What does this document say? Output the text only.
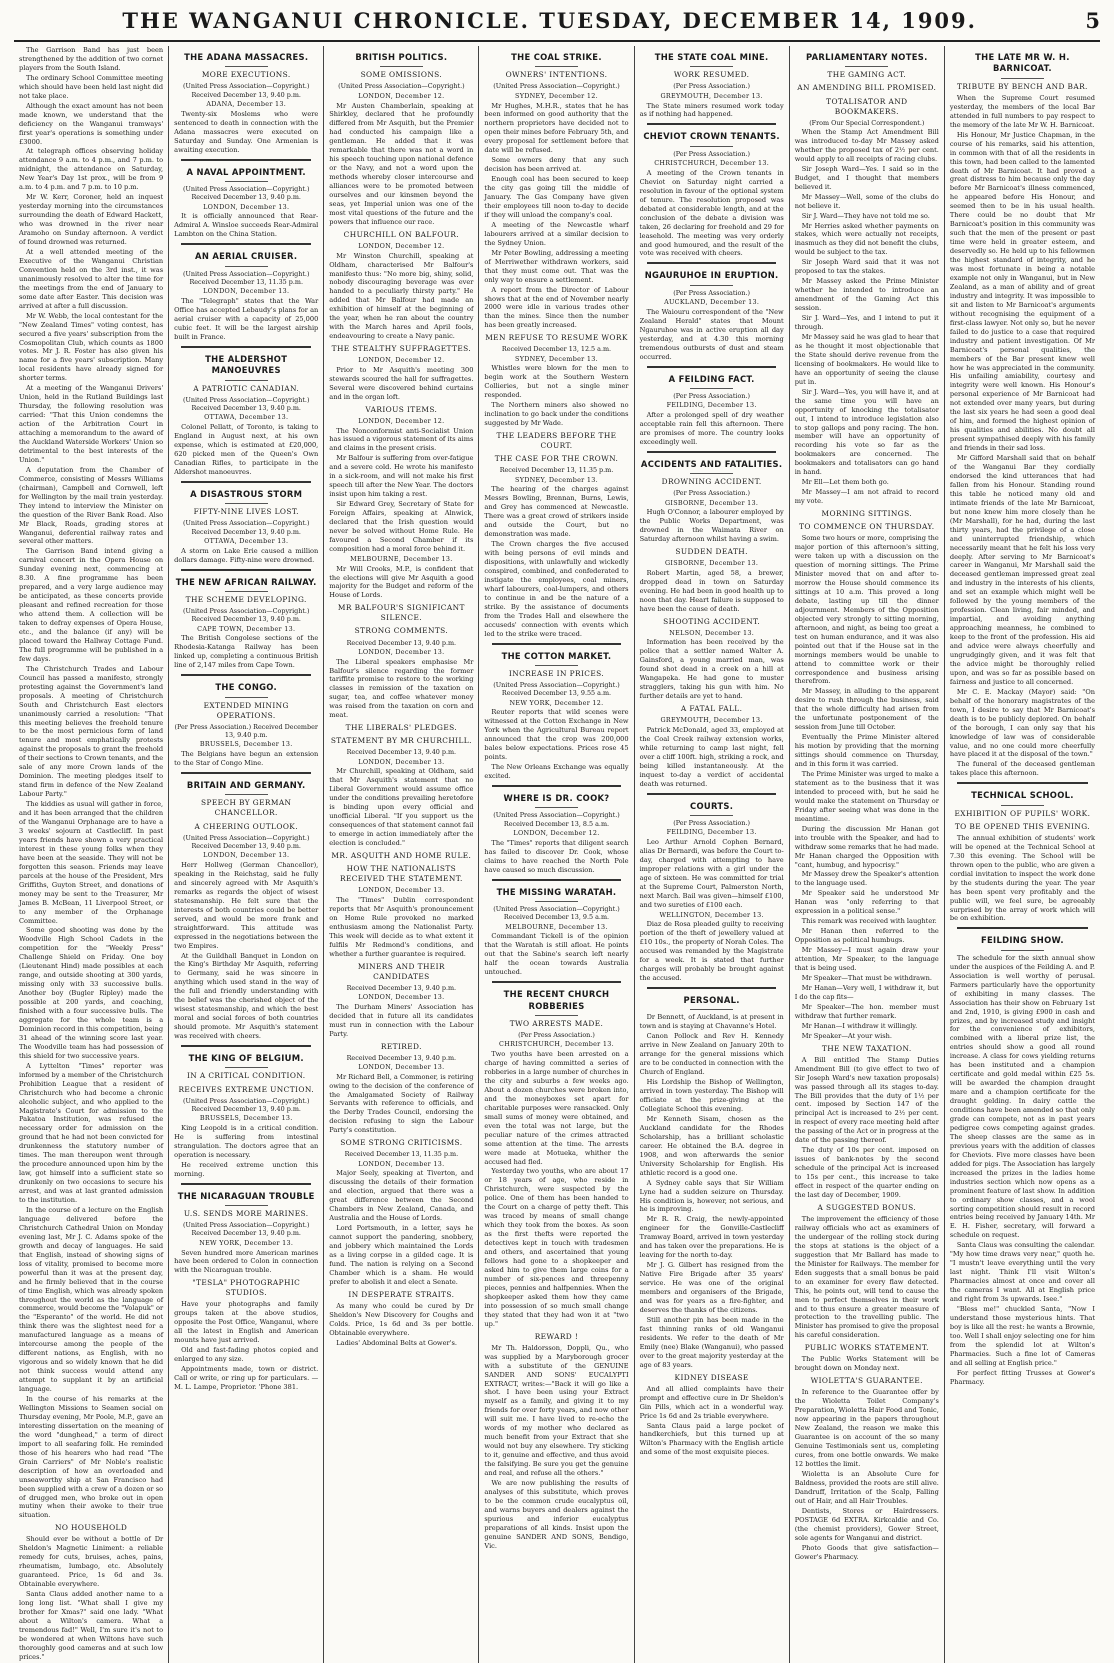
THE WANGANUI CHRONICLE. TUESDAY, DECEMBER 14, 1909.	5

The Garrison Band has just been strengthened by the addition of two cornet players from the South Island.

The ordinary School Committee meeting which should have been held last night did not take place.

Although the exact amount has not been made known, we understand that the deficiency on the Wanganui tramways' first year's operations is something under £3000.

At telegraph offices observing holiday attendance 9 a.m. to 4 p.m., and 7 p.m. to midnight, the attendance on Saturday, New Year's Day 1st prox., will be from 9 a.m. to 4 p.m. and 7 p.m. to 10 p.m.

Mr W. Kerr, Coroner, held an inquest yesterday morning into the circumstances surrounding the death of Edward Hackett, who was drowned in the river near Aramoho on Sunday afternoon. A verdict of found drowned was returned.

At a well attended meeting of the Executive of the Wanganui Christian Convention held on the 3rd inst., it was unanimously resolved to alter the time for the meetings from the end of January to some date after Easter. This decision was arrived at after a full discussion.

Mr W. Webb, the local contestant for the "New Zealand Times" voting contest, has secured a five years' subscription from the Cosmopolitan Club, which counts as 1800 votes. Mr J. R. Foster has also given his name for a five years' subscription. Many local residents have already signed for shorter terms.

At a meeting of the Wanganui Drivers' Union, held in the Rutland Buildings last Thursday, the following resolution was carried: "That this Union condemns the action of the Arbitration Court in attaching a memorandum to the award of the Auckland Waterside Workers' Union so detrimental to the best interests of the Union."

A deputation from the Chamber of Commerce, consisting of Messrs Williams (chairman), Campbell and Cornwell, left for Wellington by the mail train yesterday. They intend to interview the Minister on the question of the River Bank Road. Also Mr Black, Roads, grading stores at Wanganui, deferential railway rates and several other matters.

The Garrison Band intend giving a carnival concert in the Opera House on Sunday evening next, commencing at 8.30. A fine programme has been prepared, and a very large audience may be anticipated, as these concerts provide pleasant and refined recreation for those who attend them. A collection will be taken to defray expenses of Opera House, etc., and the balance (if any) will be placed toward the Hallway Cottage Fund. The full programme will be published in a few days.

The Christchurch Trades and Labour Council has passed a manifesto, strongly protesting against the Government's land proposals. A meeting of Christchurch South and Christchurch East electors unanimously carried a resolution: "That this meeting believes the freehold tenure to be the most pernicious form of land tenure and most emphatically protests against the proposals to grant the freehold of their sections to Crown tenants, and the sale of any more Crown lands of the Dominion. The meeting pledges itself to stand firm in defence of the New Zealand Labour Party."

The kiddies as usual will gather in force, and it has been arranged that the children of the Wanganui Orphanage are to have a 3 weeks' sojourn at Castlecliff. In past years friends have shown a very practical interest in these young folks when they have been at the seaside. They will not be forgotten this season. Friends may leave parcels at the house of the President, Mrs Griffiths, Guyton Street, and donations of money may be sent to the Treasurer, Mr James B. McBean, 11 Liverpool Street, or to any member of the Orphanage Committee.

Some good shooting was done by the Woodville High School Cadets in the competition for the "Weekly Press" Challenge Shield on Friday. One boy (Lieutenant Hind) made possibles at each range, and outside shooting at 300 yards, missing only with 33 successive bulls. Another boy (Bugler Ripley) made the possible at 200 yards, and coaching, finished with a four successive bulls. The aggregate for the whole team is a Dominion record in this competition, being 31 ahead of the winning score last year. The Woodville team has had possession of this shield for two successive years.

A Lyttelton "Times" reporter was informed by a member of the Christchurch Prohibition League that a resident of Christchurch who had become a chronic alcoholic subject, and who applied to the Magistrate's Court for admission to the Pakatoa Institution, was refused the necessary order for admission on the ground that he had not been convicted for drunkenness the statutory number of times. The man thereupon went through the procedure announced upon him by the law, got himself into a sufficient state so drunkenly on two occasions to secure his arrest, and was at last granted admission to the institution.

In the course of a lecture on the English language delivered before the Christchurch Cathedral Union on Monday evening last, Mr J. C. Adams spoke of the growth and decay of languages. He said that English, instead of showing signs of loss of vitality, promised to become more powerful than it was at the present day, and he firmly believed that in the course of time English, which was already spoken throughout the world as the language of commerce, would become the "Volapuk" or the "Esperanto" of the world. He did not think there was the slightest need for a manufactured language as a means of intercourse among the people of the different nations, as English, with no vigorous and so widely known that he did not think success would attend any attempt to supplant it by an artificial language.

In the course of his remarks at the Wellington Missions to Seamen social on Thursday evening, Mr Poole, M.P., gave an interesting dissertation on the meaning of the word "dunghead," a term of direct import to all seafaring folk. He reminded those of his hearers who had read "The Grain Carriers" of Mr Noble's realistic description of how an overloaded and unseaworthy ship at San Francisco had been supplied with a crew of a dozen or so of drugged men, who broke out in open mutiny when their awoke to their true situation.

NO HOUSEHOLD

Should ever be without a bottle of Dr Sheldon's Magnetic Liniment: a reliable remedy for cuts, bruises, aches, pains, rheumatism, lumbago, etc. Absolutely guaranteed. Price, 1s 6d and 3s. Obtainable everywhere.

Santa Claus added another name to a long long list. "What shall I give my brother for Xmas?" said one lady. "What about a Wilton's camera. What a tremendous fad!" Well, I'm sure it's not to be wondered at when Wiltons have such thoroughly good cameras and at such low prices."

THE ADANA MASSACRES.
MORE EXECUTIONS.
(United Press Association—Copyright.) Received December 13, 9.40 p.m.
ADANA, December 13.

Twenty-six Moslems who were sentenced to death in connection with the Adana massacres were executed on Saturday and Sunday. One Armenian is awaiting execution.

A NAVAL APPOINTMENT.
(United Press Association—Copyright.) Received December 13, 9.40 p.m.
LONDON, December 13.

It is officially announced that Rear-Admiral A. Winsloe succeeds Rear-Admiral Lambton on the China Station.

AN AERIAL CRUISER.
(United Press Association—Copyright.) Received December 13, 11.35 p.m.
LONDON, December 13.

The "Telegraph" states that the War Office has accepted Lebaudy's plans for an aerial cruiser with a capacity of 25,000 cubic feet. It will be the largest airship built in France.

THE ALDERSHOT MANOEUVRES
A PATRIOTIC CANADIAN.
(United Press Association—Copyright.) Received December 13, 9.40 p.m.
OTTAWA, December 13.

Colonel Pellatt, of Toronto, is taking to England in August next, at his own expense, which is estimated at £20,000, 620 picked men of the Queen's Own Canadian Rifles, to participate in the Aldershot manoeuvres.

A DISASTROUS STORM
FIFTY-NINE LIVES LOST.
(United Press Association—Copyright.) Received December 13, 9.40 p.m.
OTTAWA, December 13.

A storm on Lake Erie caused a million dollars damage. Fifty-nine were drowned.

THE NEW AFRICAN RAILWAY.
THE SCHEME DEVELOPING.
(United Press Association—Copyright.) Received December 13, 9.40 p.m.
CAPE TOWN, December 13.

The British Congolese sections of the Rhodesia-Katanga Railway has been linked up, completing a continuous British line of 2,147 miles from Cape Town.

THE CONGO.
EXTENDED MINING OPERATIONS.
(Per Press Association.) Received December 13, 9.40 p.m.
BRUSSELS, December 13.

The Belgians have begun an extension to the Star of Congo Mine.

BRITAIN AND GERMANY.
SPEECH BY GERMAN CHANCELLOR.
A CHEERING OUTLOOK.
(United Press Association—Copyright.) Received December 13, 9.40 p.m.
LONDON, December 13.

Herr Hollweg (German Chancellor), speaking in the Reichstag, said he fully and sincerely agreed with Mr Asquith's remarks as regards the object of wisest statesmanship. He felt sure that the interests of both countries could be better served, and would be more frank and straightforward. This attitude was expressed in the negotiations between the two Empires.

At the Guildhall Banquet in London on the King's Birthday Mr Asquith, referring to Germany, said he was sincere in anything which used stand in the way of the full and friendly understanding with the belief was the cherished object of the wisest statesmanship, and which the best moral and social forces of both countries should promote. Mr Asquith's statement was received with cheers.

THE KING OF BELGIUM.
IN A CRITICAL CONDITION.
RECEIVES EXTREME UNCTION.
(United Press Association—Copyright.) Received December 13, 9.40 p.m.
BRUSSELS, December 13.

King Leopold is in a critical condition. He is suffering from intestinal strangulation. The doctors agree that an operation is necessary.

He received extreme unction this morning.

THE NICARAGUAN TROUBLE
U.S. SENDS MORE MARINES.
(United Press Association—Copyright.) Received December 13, 9.40 p.m.
NEW YORK, December 13.

Seven hundred more American marines have been ordered to Colon in connection with the Nicaraguan trouble.

"TESLA" PHOTOGRAPHIC STUDIOS.

Have your photographs and family groups taken at the above studios, opposite the Post Office, Wanganui, where all the latest in English and American mounts have just arrived.

Old and fast-fading photos copied and enlarged to any size.

Appointments made, town or district. Call or write, or ring up for particulars. —M. L. Lampe, Proprietor. 'Phone 381.

BRITISH POLITICS.
SOME OMISSIONS.
(United Press Association—Copyright.)
LONDON, December 12.

Mr Austen Chamberlain, speaking at Shirkley, declared that he profoundly differed from Mr Asquith, but the Premier had conducted his campaign like a gentleman. He added that it was remarkable that there was not a word in his speech touching upon national defence or the Navy, and not a word upon the methods whereby closer intercourse and alliances were to be promoted between ourselves and our kinsmen beyond the seas, yet Imperial union was one of the most vital questions of the future and the powers that influence our race.

CHURCHILL ON BALFOUR.
LONDON, December 12.

Mr Winston Churchill, speaking at Oldham, characterised Mr Balfour's manifesto thus: "No more big, shiny, solid, nobody discouraging beverage was ever handed to a peculiarly thirsty party." He added that Mr Balfour had made an exhibition of himself at the beginning of the year, when he ran about the country with the March hares and April fools, endeavouring to create a Navy panic.

THE STEALTHY SUFFRAGETTES.
LONDON, December 12.

Prior to Mr Asquith's meeting 300 stewards scoured the hall for suffragettes. Several were discovered behind curtains and in the organ loft.

VARIOUS ITEMS.
LONDON, December 12.

The Nonconformist anti-Socialist Union has issued a vigorous statement of its aims and claims in the present crisis.

Mr Balfour is suffering from over-fatigue and a severe cold. He wrote his manifesto in a sick-room, and will not make his first speech till after the New Year. The doctors insist upon him taking a rest.

Sir Edward Grey, Secretary of State for Foreign Affairs, speaking at Alnwick, declared that the Irish question would never be solved without Home Rule. He favoured a Second Chamber if its composition had a moral force behind it.

MELBOURNE, December 13.

Mr Will Crooks, M.P., is confident that the elections will give Mr Asquith a good majority for the Budget and reform of the House of Lords.

MR BALFOUR'S SIGNIFICANT SILENCE.
STRONG COMMENTS.
Received December 13, 9.40 p.m.
LONDON, December 13.

The Liberal speakers emphasise Mr Balfour's silence regarding the former tariffite promise to restore to the working classes in remission of the taxation on sugar, tea, and coffee whatever money was raised from the taxation on corn and meat.

THE LIBERALS' PLEDGES.
STATEMENT BY MR CHURCHILL.
Received December 13, 9.40 p.m.
LONDON, December 13.

Mr Churchill, speaking at Oldham, said that Mr Asquith's statement that no Liberal Government would assume office under the conditions prevailing heretofore is binding upon every official and unofficial Liberal. "If you support us the consequences of that statement cannot fail to emerge in action immediately after the election is concluded."

MR. ASQUITH AND HOME RULE.
HOW THE NATIONALISTS RECEIVED THE STATEMENT.
LONDON, December 13.

The "Times" Dublin correspondent reports that Mr Asquith's pronouncement on Home Rule provoked no marked enthusiasm among the Nationalist Party. This week will decide as to what extent it fulfils Mr Redmond's conditions, and whether a further guarantee is required.

MINERS AND THEIR CANDIDATES
Received December 13, 9.40 p.m.
LONDON, December 13.

The Durham Miners' Association has decided that in future all its candidates must run in connection with the Labour Party.

RETIRED.
Received December 13, 9.40 p.m.
LONDON, December 13.

Mr Richard Bell, a Commoner, is retiring owing to the decision of the conference of the Amalgamated Society of Railway Servants with reference to officials, and the Derby Trades Council, endorsing the decision refusing to sign the Labour Party's constitution.

SOME STRONG CRITICISMS.
Received December 13, 11.35 p.m.
LONDON, December 13.

Major Seely, speaking at Tiverton, and discussing the details of their formation and election, argued that there was a great difference between the Second Chambers in New Zealand, Canada, and Australia and the House of Lords.

Lord Portsmouth, in a letter, says he cannot support the pandering, snobbery, and jobbery which maintained the Lords as a living corpse in a gilded cage. It is fund. The nation is relying on a Second Chamber which is a sham. He would prefer to abolish it and elect a Senate.

IN DESPERATE STRAITS.

As many who could be cured by Dr Sheldon's New Discovery for Coughs and Colds. Price, 1s 6d and 3s per bottle. Obtainable everywhere.

Ladies' Abdominal Belts at Gower's.

THE COAL STRIKE.
OWNERS' INTENTIONS.
(United Press Association—Copyright.)
SYDNEY, December 12.

Mr Hughes, M.H.R., states that he has been informed on good authority that the northern proprietors have decided not to open their mines before February 5th, and every proposal for settlement before that date will be refused.

Some owners deny that any such decision has been arrived at.

Enough coal has been secured to keep the city gas going till the middle of January. The Gas Company have given their employees till noon to-day to decide if they will unload the company's coal.

A meeting of the Newcastle wharf labourers arrived at a similar decision to the Sydney Union.

Mr Peter Bowling, addressing a meeting of Merriwether withdrawn workers, said that they must come out. That was the only way to ensure a settlement.

A report from the Director of Labour shows that at the end of November nearly 2000 were idle in various trades other than the mines. Since then the number has been greatly increased.

MEN REFUSE TO RESUME WORK
Received December 13, 12.5 a.m.
SYDNEY, December 13.

Whistles were blown for the men to begin work at the Southern Western Collieries, but not a single miner responded.

The Northern miners also showed no inclination to go back under the conditions suggested by Mr Wade.

THE LEADERS BEFORE THE COURT.
THE CASE FOR THE CROWN.
Received December 13, 11.35 p.m.
SYDNEY, December 13.

The hearing of the charges against Messrs Bowling, Brennan, Burns, Lewis, and Grey has commenced at Newcastle. There was a great crowd of strikers inside and outside the Court, but no demonstration was made.

The Crown charges the five accused with being persons of evil minds and dispositions, with unlawfully and wickedly conspired, combined, and confederated to instigate the employees, coal miners, wharf labourers, coal-lumpers, and others to continue in and be the nature of a strike. By the assistance of documents from the Trades Hall and elsewhere the accuseds' connection with events which led to the strike were traced.

THE COTTON MARKET.
INCREASE IN PRICES.
(United Press Association—Copyright.) Received December 13, 9.55 a.m.
NEW YORK, December 12.

Reuter reports that wild scenes were witnessed at the Cotton Exchange in New York when the Agricultural Bureau report announced that the crop was 200,000 bales below expectations. Prices rose 45 points.

The New Orleans Exchange was equally excited.

WHERE IS DR. COOK?
(United Press Association—Copyright.) Received December 13, 8.5 a.m.
LONDON, December 12.

The "Times" reports that diligent search has failed to discover Dr. Cook, whose claims to have reached the North Pole have caused so much discussion.

THE MISSING WARATAH.
(United Press Association—Copyright.) Received December 13, 9.5 a.m.
MELBOURNE, December 13.

Commandant Tickell is of the opinion that the Waratah is still afloat. He points out that the Sabine's search left nearly half the ocean towards Australia untouched.

THE RECENT CHURCH ROBBERIES
TWO ARRESTS MADE.
(Per Press Association.)
CHRISTCHURCH, December 13.

Two youths have been arrested on a charge of having committed a series of robberies in a large number of churches in the city and suburbs a few weeks ago. About a dozen churches were broken into, and the moneyboxes set apart for charitable purposes were ransacked. Only small sums of money were obtained, and even the total was not large, but the peculiar nature of the crimes attracted some attention at the time. The arrests were made at Motueka, whither the accused had fled.

Yesterday two youths, who are about 17 or 18 years of age, who reside in Christchurch, were suspected by the police. One of them has been handed to the Court on a charge of petty theft. This was traced by means of small change which they took from the boxes. As soon as the first thefts were reported the detectives kept in touch with tradesmen and others, and ascertained that young fellows had gone to a shopkeeper and asked him to give them large coins for a number of six-pences and threepenny pieces, pennies and halfpennies. When the shopkeeper asked them how they came into possession of so much small change they stated that they had won it at "two up."

REWARD !

Mr Th. Haldorsson, Doppli, Qu., who was supplied by a Maryborough grocer with a substitute of the GENUINE SANDER AND SONS' EUCALYPTI EXTRACT, writes:—"Back it will go like a shot. I have been using your Extract myself as a family, and giving it to my friends for over forty years, and now other will suit me. I have lived to re-echo the words of my mother who declared as much benefit from your Extract that she would not buy any elsewhere. Try sticking to it, genuine and effective, and thus avoid the falsifying. Be sure you get the genuine and real, and refuse all the others."

We are now publishing the results of analyses of this substitute, which proves to be the common crude eucalyptus oil, and warns buyers and dealers against the spurious and inferior eucalyptus preparations of all kinds. Insist upon the genuine SANDER AND SONS, Bendigo, Vic.

THE STATE COAL MINE.
WORK RESUMED.
(Per Press Association.)
GREYMOUTH, December 13.

The State miners resumed work today as if nothing had happened.

CHEVIOT CROWN TENANTS.
(Per Press Association.)
CHRISTCHURCH, December 13.

A meeting of the Crown tenants in Cheviot on Saturday night carried a resolution in favour of the optional system of tenure. The resolution proposed was debated at considerable length, and at the conclusion of the debate a division was taken, 26 declaring for freehold and 29 for leasehold. The meeting was very orderly and good humoured, and the result of the vote was received with cheers.

NGAURUHOE IN ERUPTION.
(Per Press Association.)
AUCKLAND, December 13.

The Waiouru correspondent of the "New Zealand Herald" states that Mount Ngauruhoe was in active eruption all day yesterday, and at 4.30 this morning tremendous outbursts of dust and steam occurred.

A FEILDING FACT.
(Per Press Association.)
FEILDING, December 13.

After a prolonged spell of dry weather acceptable rain fell this afternoon. There are promises of more. The country looks exceedingly well.

ACCIDENTS AND FATALITIES.
DROWNING ACCIDENT.
(Per Press Association.)
GISBORNE, December 13.

Hugh O'Connor, a labourer employed by the Public Works Department, was drowned in the Waimata River on Saturday afternoon whilst having a swim.

SUDDEN DEATH.
GISBORNE, December 13.

Robert Martin, aged 58, a brewer, dropped dead in town on Saturday evening. He had been in good health up to noon that day. Heart failure is supposed to have been the cause of death.

SHOOTING ACCIDENT.
NELSON, December 13.

Information has been received by the police that a settler named Walter A. Gainsford, a young married man, was found shot dead in a creek on a hill at Wangapeka. He had gone to muster stragglers, taking his gun with him. No further details are yet to hand.

A FATAL FALL.
GREYMOUTH, December 13.

Patrick McDonald, aged 33, employed at the Coal Creek railway extension works, while returning to camp last night, fell over a cliff 100ft. high, striking a rock, and being killed instantaneously. At the inquest to-day a verdict of accidental death was returned.

COURTS.
(Per Press Association.)
FEILDING, December 13.

Leo Arthur Arnold Cophen Bernard, alias Dr Bernardi, was before the Court to-day, charged with attempting to have improper relations with a girl under the age of sixteen. He was committed for trial at the Supreme Court, Palmerston North, next March. Bail was given—himself £100, and two sureties of £100 each.

WELLINGTON, December 13.

Diaz de Rosa pleaded guilty to receiving portion of the theft of jewellery valued at £10 10s., the property of Norah Coles. The accused was remanded by the Magistrate for a week. It is stated that further charges will probably be brought against the accused.

PERSONAL.

Dr Bennett, of Auckland, is at present in town and is staying at Chavanne's Hotel.

Canon Pollock and Rev H. Kennedy arrive in New Zealand on January 20th to arrange for the general missions which are to be conducted in connection with the Church of England.

His Lordship the Bishop of Wellington, arrived in town yesterday. The Bishop will officiate at the prize-giving at the Collegiate School this evening.

Mr Kenneth Sisam, chosen as the Auckland candidate for the Rhodes Scholarship, has a brilliant scholastic career. He obtained the B.A. degree in 1908, and won afterwards the senior University Scholarship for English. His athletic record is a good one.

A Sydney cable says that Sir William Lyne had a sudden seizure on Thursday. His condition is, however, not serious, and he is improving.

Mr R. R. Craig, the newly-appointed engineer for the Gonville-Castlecliff Tramway Board, arrived in town yesterday and has taken over the preparations. He is leaving for the north to-day.

Mr J. G. Gilbert has resigned from the Native Fire Brigade after 35 years' service. He was one of the original members and organisers of the Brigade, and was for years as a fire-fighter, and deserves the thanks of the citizens.

Still another pin has been made in the fast thinning ranks of old Wanganui residents. We refer to the death of Mr Emily (nee) Blake (Wanganui), who passed over to the great majority yesterday at the age of 83 years.

KIDNEY DISEASE

And all allied complaints have their prompt and effective cure in Dr Sheldon's Gin Pills, which act in a wonderful way. Price 1s 6d and 2s triable everywhere.

Santa Claus paid a large pocket of handkerchiefs, but this turned up at Wilton's Pharmacy with the English article and some of the most exquisite pieces.

PARLIAMENTARY NOTES.
THE GAMING ACT.
AN AMENDING BILL PROMISED.
TOTALISATOR AND BOOKMAKERS.
(From Our Special Correspondent.)

When the Stamp Act Amendment Bill was introduced to-day Mr Massey asked whether the proposed tax of 2½ per cent. would apply to all receipts of racing clubs.

Sir Joseph Ward—Yes. I said so in the Budget, and I thought that members believed it.

Mr Massey—Well, some of the clubs do not believe it.

Sir J. Ward—They have not told me so.

Mr Herries asked whether payments on stakes, which were actually not receipts, inasmuch as they did not benefit the clubs, would be subject to the tax.

Sir Joseph Ward said that it was not proposed to tax the stakes.

Mr Massey asked the Prime Minister whether he intended to introduce an amendment of the Gaming Act this session.

Sir J. Ward—Yes, and I intend to put it through.

Mr Massey said he was glad to hear that as he thought it most objectionable that the State should derive revenue from the licensing of bookmakers. He would like to have an opportunity of seeing the clause put in.

Sir J. Ward—Yes, you will have it, and at the same time you will have an opportunity of knocking the totalisator out, I intend to introduce legislation also to stop gallops and pony racing. The hon. member will have an opportunity of recording his vote so far as the bookmakers are concerned. The bookmakers and totalisators can go hand in hand.

Mr Ell—Let them both go.

Mr Massey—I am not afraid to record my vote.

MORNING SITTINGS.
TO COMMENCE ON THURSDAY.

Some two hours or more, comprising the major portion of this afternoon's sitting, were taken up with a discussion on the question of morning sittings. The Prime Minister moved that on and after to-morrow the House should commence its sittings at 10 a.m. This proved a long debate, lasting up till the dinner adjournment. Members of the Opposition objected very strongly to sitting morning, afternoon, and night, as being too great a test on human endurance, and it was also pointed out that if the House sat in the mornings members would be unable to attend to committee work or their correspondence and business arising therefrom.

Mr Massey, in alluding to the apparent desire to rush through the business, said that the whole difficulty had arisen from the unfortunate postponement of the session from June till October.

Eventually the Prime Minister altered his motion by providing that the morning sittings should commence on Thursday, and in this form it was carried.

The Prime Minister was urged to make a statement as to the business that it was intended to proceed with, but he said he would make the statement on Thursday or Friday after seeing what was done in the meantime.

During the discussion Mr Hanan got into trouble with the Speaker, and had to withdraw some remarks that he had made. Mr Hanan charged the Opposition with "cant, humbug, and hypocrisy."

Mr Massey drew the Speaker's attention to the language used.

Mr Speaker said he understood Mr Hanan was "only referring to that expression in a political sense."

This remark was received with laughter.

Mr Hanan then referred to the Opposition as political humbugs.

Mr Massey—I must again draw your attention, Mr Speaker, to the language that is being used.

Mr Speaker—That must be withdrawn.

Mr Hanan—Very well, I withdraw it, but I do the cap fits—

Mr Speaker—The hon. member must withdraw that further remark.

Mr Hanan—I withdraw it willingly.

Mr Speaker—At your wish.

THE NEW TAXATION.

A Bill entitled The Stamp Duties Amendment Bill (to give effect to two of Sir Joseph Ward's new taxation proposals) was passed through all its stages to-day. The Bill provides that the duty of 1½ per cent. imposed by Section 147 of the principal Act is increased to 2½ per cent. in respect of every race meeting held after the passing of the Act or in progress at the date of the passing thereof.

The duty of 10s per cent. imposed on issues of bank-notes by the second schedule of the principal Act is increased to 15s per cent., this increase to take effect in respect of the quarter ending on the last day of December, 1909.

A SUGGESTED BONUS.

The improvement the efficiency of those railway officials who act as examiners of the undergear of the rolling stock during the stops at stations is the object of a suggestion that Mr Ballard has made to the Minister for Railways. The member for Eden suggests that a small bonus be paid to an examiner for every flaw detected. This, he points out, will tend to cause the men to perfect themselves in their work and to thus ensure a greater measure of protection to the travelling public. The Minister has promised to give the proposal his careful consideration.

PUBLIC WORKS STATEMENT.

The Public Works Statement will be brought down on Monday next.

WIOLETTA'S GUARANTEE.

In reference to the Guarantee offer by the Wioletta Toilet Company's Preparation, Wioletta Hair Food and Tonic, now appearing in the papers throughout New Zealand, the reason we make this Guarantee is on account of the so many Genuine Testimonials sent us, completing cures, from one bottle onwards. We make 12 bottles the limit.

Wioletta is an Absolute Cure for Baldness, provided the roots are still alive. Dandruff, Irritation of the Scalp, Falling out of Hair, and all Hair Troubles.

Dentists, Stores or Hairdressers. POSTAGE 6d EXTRA. Kirkcaldie and Co. (the chemist providers), Gower Street, sole agents for Wanganui and district.

Photo Goods that give satisfaction—Gower's Pharmacy.

THE LATE MR W. H. BARNICOAT.
TRIBUTE BY BENCH AND BAR.

When the Supreme Court resumed yesterday, the members of the local Bar attended in full numbers to pay respect to the memory of the late Mr W. H. Barnicoat.

His Honour, Mr Justice Chapman, in the course of his remarks, said his attention, in common with that of all the residents in this town, had been called to the lamented death of Mr Barnicoat. It had proved a great distress to him because only the day before Mr Barnicoat's illness commenced, he appeared before His Honour, and seemed then to be in his usual health. There could be no doubt that Mr Barnicoat's position in this community was such that the men of the present or past time were held in greater esteem, and deservedly so. He held up to his fellowmen the highest standard of integrity, and he was most fortunate in being a notable example not only in Wanganui, but in New Zealand, as a man of ability and of great industry and integrity. It was impossible to sit and listen to Mr Barnicoat's arguments without recognising the equipment of a first-class lawyer. Not only so, but he never failed to do justice to a case that required industry and patient investigation. Of Mr Barnicoat's personal qualities, the members of the Bar present knew well how he was appreciated in the community. His unfailing amiability, courtesy and integrity were well known. His Honour's personal experience of Mr Barnicoat had not extended over many years, but during the last six years he had seen a good deal of him, and formed the highest opinion of his qualities and abilities. No doubt all present sympathised deeply with his family and friends in their sad loss.

Mr Gifford Marshall said that on behalf of the Wanganui Bar they cordially endorsed the kind utterances that had fallen from his Honour. Standing round this table he noticed many old and intimate friends of the late Mr Barnicoat, but none knew him more closely than he (Mr Marshall), for he had, during the last thirty years, had the privilege of a close and uninterrupted friendship, which necessarily meant that he felt his loss very deeply. After serving to Mr Barnicoat's career in Wanganui, Mr Marshall said the deceased gentleman impressed great zeal and industry in the interests of his clients, and set an example which might well be followed by the young members of the profession. Clean living, fair minded, and impartial, and avoiding anything approaching meanness, he combined to keep to the front of the profession. His aid and advice were always cheerfully and ungrudgingly given, and it was felt that the advice might be thoroughly relied upon, and was so far as possible based on fairness and justice to all concerned.

Mr C. E. Mackay (Mayor) said: "On behalf of the honorary magistrates of the town, I desire to say that Mr Barnicoat's death is to be publicly deplored. On behalf of the borough, I can only say that his knowledge of law was of considerable value, and no one could more cheerfully have placed it at the disposal of the town."

The funeral of the deceased gentleman takes place this afternoon.

TECHNICAL SCHOOL.
EXHIBITION OF PUPILS' WORK.
TO BE OPENED THIS EVENING.

The annual exhibition of students' work will be opened at the Technical School at 7.30 this evening. The School will be thrown open to the public, who are given a cordial invitation to inspect the work done by the students during the year. The year has been spent very profitably and the public will, we feel sure, be agreeably surprised by the array of work which will be on exhibition.

FEILDING SHOW.

The schedule for the sixth annual show under the auspices of the Feilding A. and P. Association is well worthy of perusal. Farmers particularly have the opportunity of exhibiting in many classes. The Association has their show on February 1st and 2nd, 1910, is giving £900 in cash and prizes, and by increased study and insight for the convenience of exhibitors, combined with a liberal prize list, the entries should show a good all round increase. A class for cows yielding returns has been instituted and a champion certificate and gold medal within £25 5s. will be awarded the champion draught mare and a champion certificate for the draught gelding. In dairy cattle the conditions have been amended so that only grade can compete, not as in past years pedigree cows competing against grades. The sheep classes are the same as in previous years with the addition of classes for Cheviots. Five more classes have been added for pigs. The Association has largely increased the prizes in the ladies home industries section which now opens as a prominent feature of last show. In addition to ordinary show classes, and a wool sorting competition should result in record entries being received by January 14th. Mr E. H. Fisher, secretary, will forward a schedule on request.

Santa Claus was consulting the calendar. "My how time draws very near," quoth he. "I mustn't leave everything until the very last night. Think I'll visit Wilton's Pharmacies almost at once and cover all the cameras I want. All at English price and right from 3s upwards. Isee."

"Bless me!" chuckled Santa, "Now I understand those mysterious hints. That boy is like all the rest: he wants a Brownie, too. Well I shall enjoy selecting one for him from the splendid lot at Wilton's Pharmacies. Such a fine lot of Cameras and all selling at English price."

For perfect fitting Trusses at Gower's Pharmacy.
